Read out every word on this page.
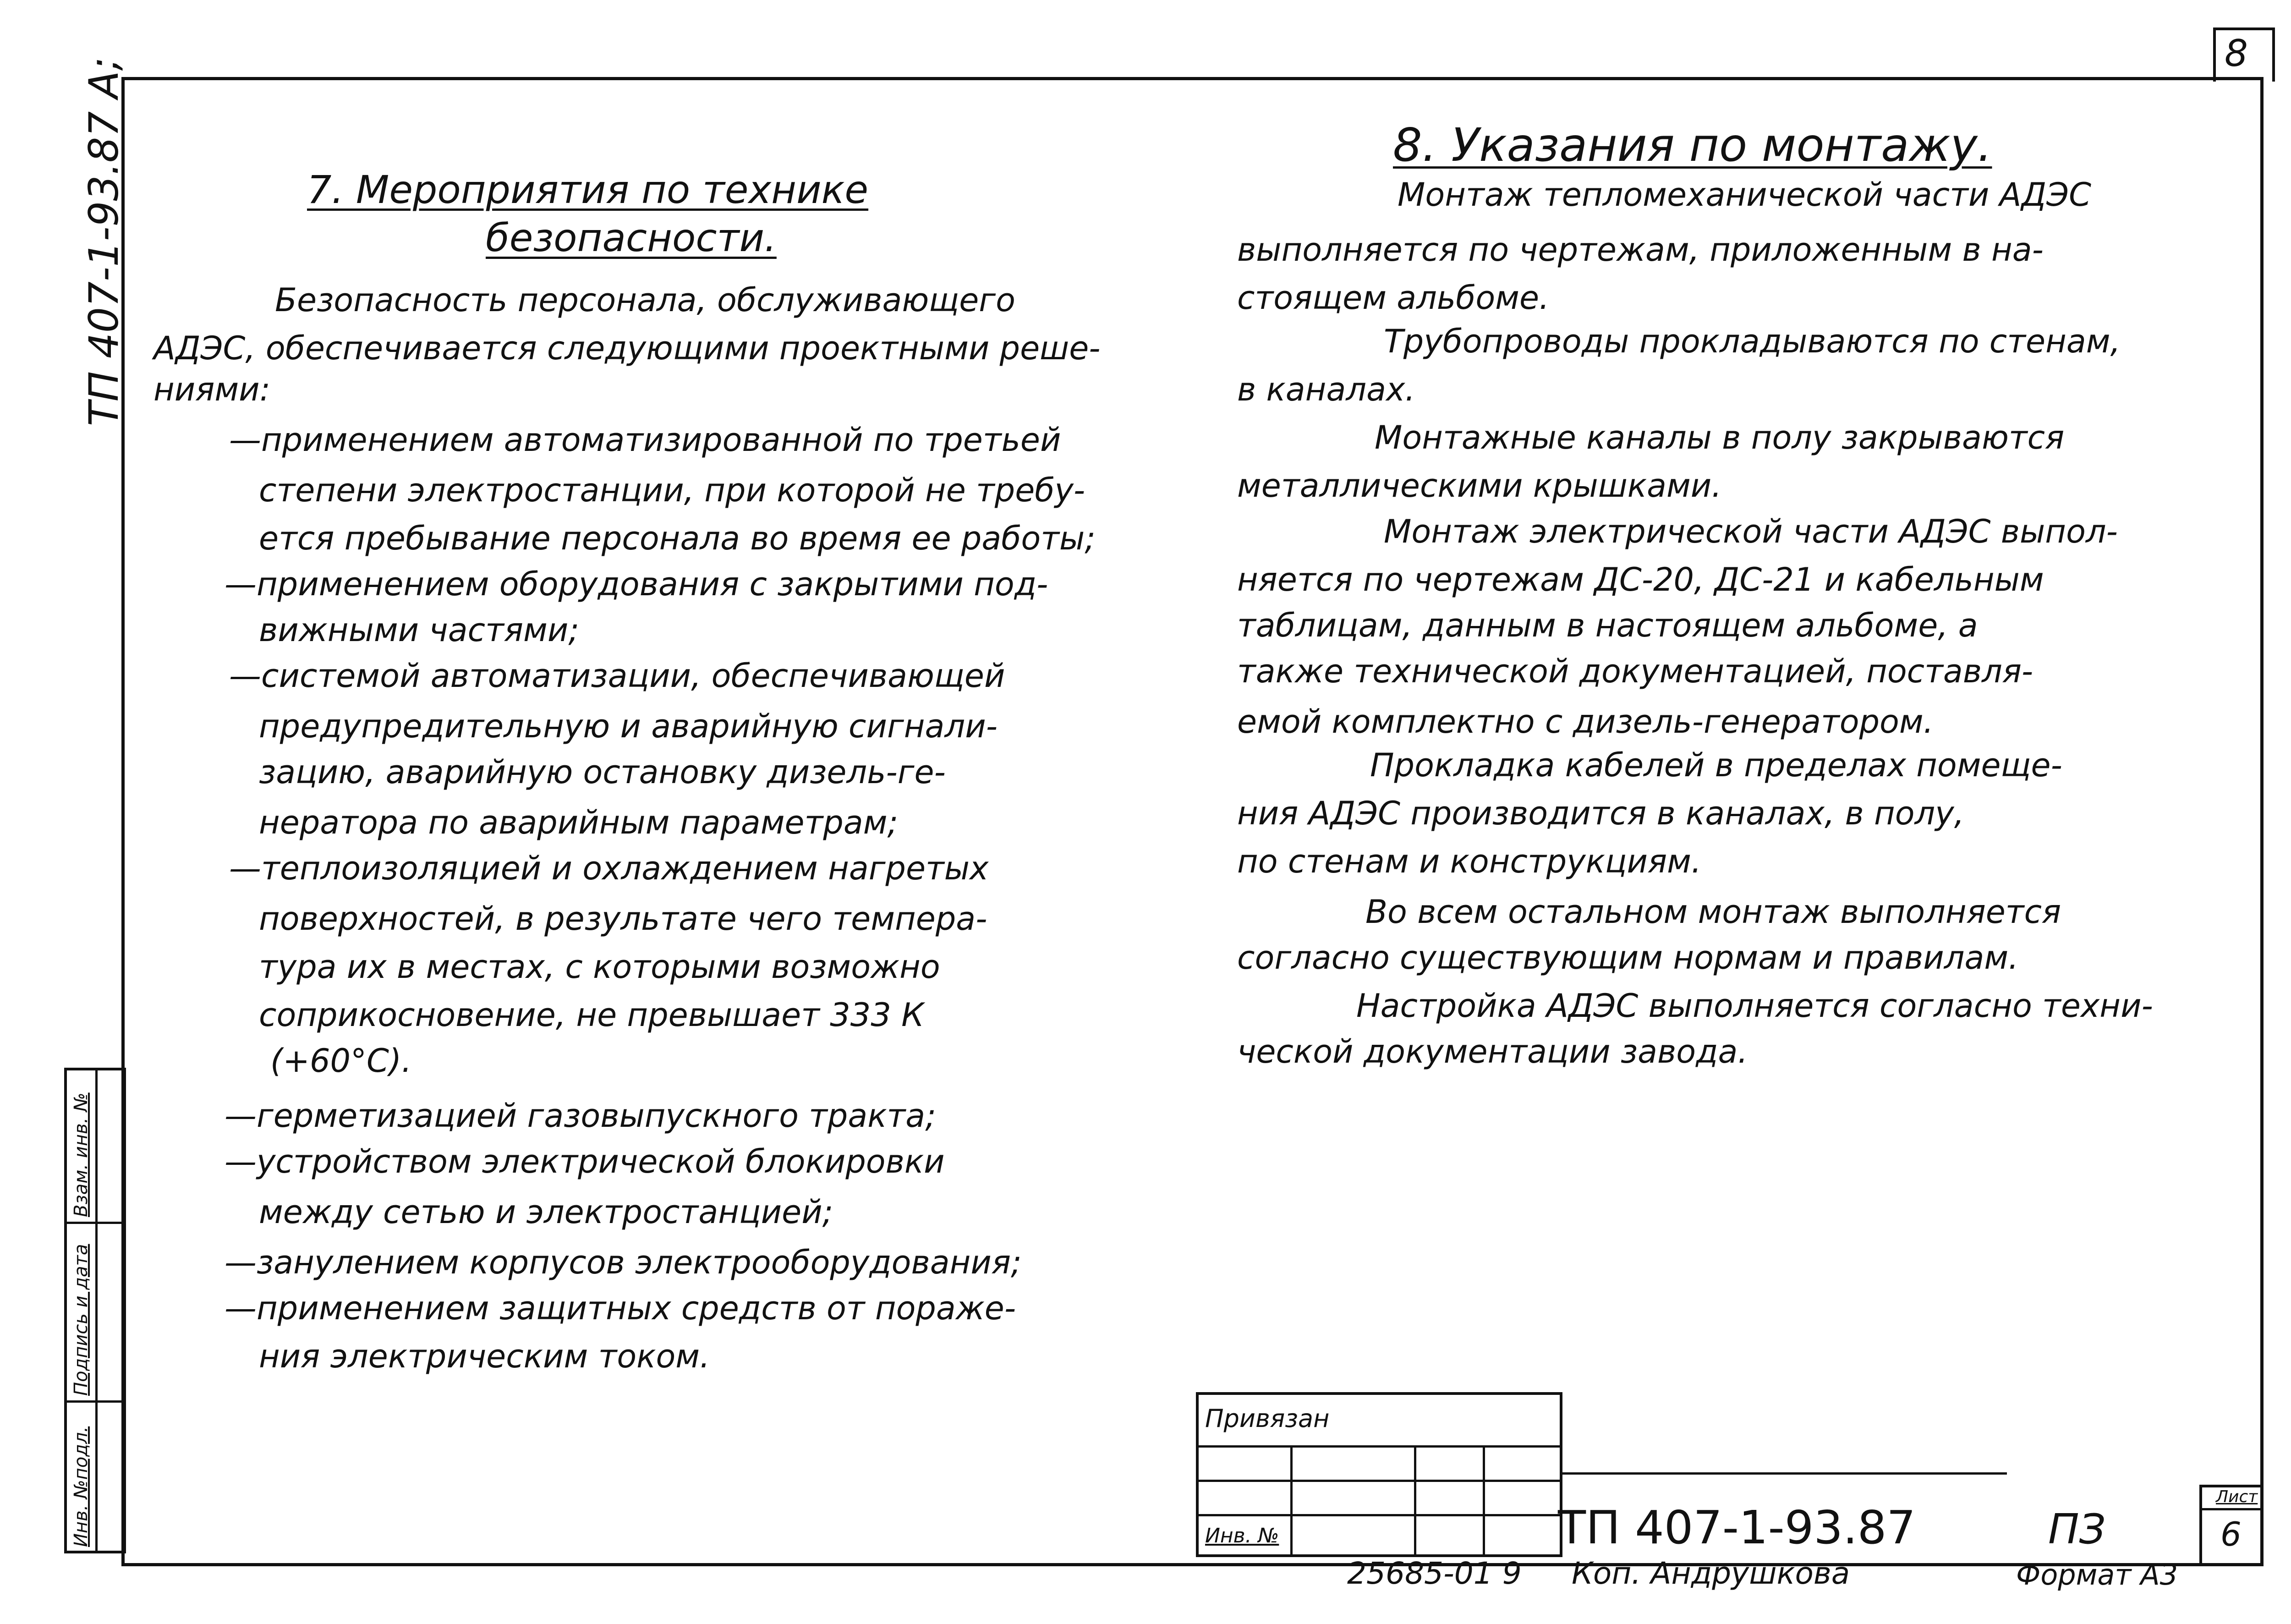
8
ТП 407-1-93.87 А;
Инв. №подл.
Подпись и дата
Взам. инв. №
7. Мероприятия по технике
безопасности.
Безопасность персонала, обслуживающего
АДЭС, обеспечивается следующими проектными реше-
ниями:
—применением автоматизированной по третьей
степени электростанции, при которой не требу-
ется пребывание персонала во время ее работы;
—применением оборудования с закрытими под-
вижными частями;
—системой автоматизации, обеспечивающей
предупредительную и аварийную сигнали-
зацию, аварийную остановку дизель-ге-
нератора по аварийным параметрам;
—теплоизоляцией и охлаждением нагретых
поверхностей, в результате чего темпера-
тура их в местах, с которыми возможно
соприкосновение, не превышает 333 К
(+60°С).
—герметизацией газовыпускного тракта;
—устройством электрической блокировки
между сетью и электростанцией;
—занулением корпусов электрооборудования;
—применением защитных средств от пораже-
ния электрическим током.
8. Указания по монтажу.
Монтаж тепломеханической части АДЭС
выполняется по чертежам, приложенным в на-
стоящем альбоме.
Трубопроводы прокладываются по стенам,
в каналах.
Монтажные каналы в полу закрываются
металлическими крышками.
Монтаж электрической части АДЭС выпол-
няется по чертежам ДС-20, ДС-21 и кабельным
таблицам, данным в настоящем альбоме, а
также технической документацией, поставля-
емой комплектно с дизель-генератором.
Прокладка кабелей в пределах помеще-
ния АДЭС производится в каналах, в полу,
по стенам и конструкциям.
Во всем остальном монтаж выполняется
согласно существующим нормам и правилам.
Настройка АДЭС выполняется согласно техни-
ческой документации завода.
Привязан
Инв. №	ТП 407-1-93.87	ПЗ
Лист
6
25685-01 9 Коп. Андрушкова	Формат А3
